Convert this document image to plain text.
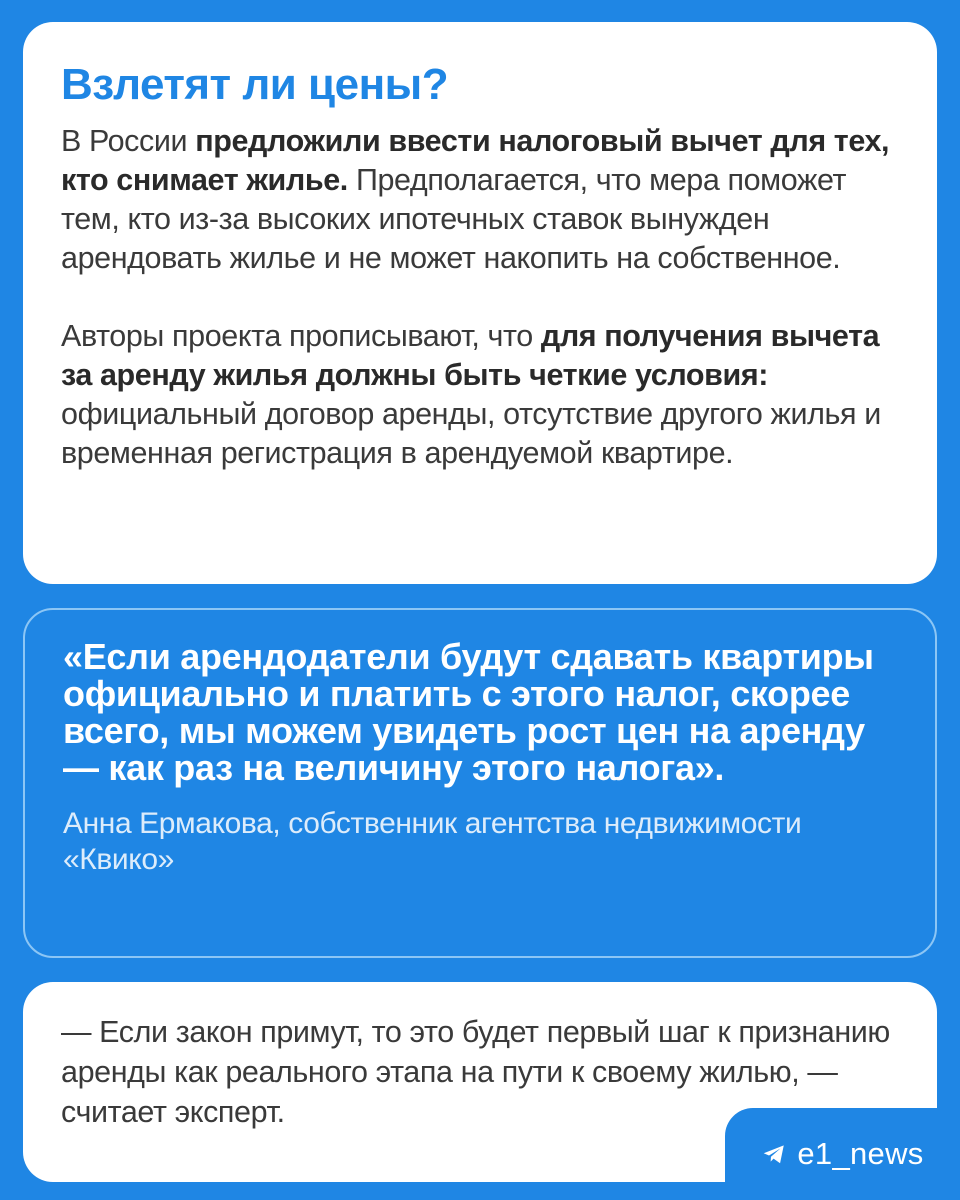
Взлетят ли цены?

В России предложили ввести налоговый вычет для тех, кто снимает жилье. Предполагается, что мера поможет тем, кто из-за высоких ипотечных ставок вынужден арендовать жилье и не может накопить на собственное.

Авторы проекта прописывают, что для получения вычета за аренду жилья должны быть четкие условия: официальный договор аренды, отсутствие другого жилья и временная регистрация в арендуемой квартире.

«Если арендодатели будут сдавать квартиры официально и платить с этого налог, скорее всего, мы можем увидеть рост цен на аренду — как раз на величину этого налога».

Анна Ермакова, собственник агентства недвижимости «Квико»

— Если закон примут, то это будет первый шаг к признанию аренды как реального этапа на пути к своему жилью, — считает эксперт.

e1_news
